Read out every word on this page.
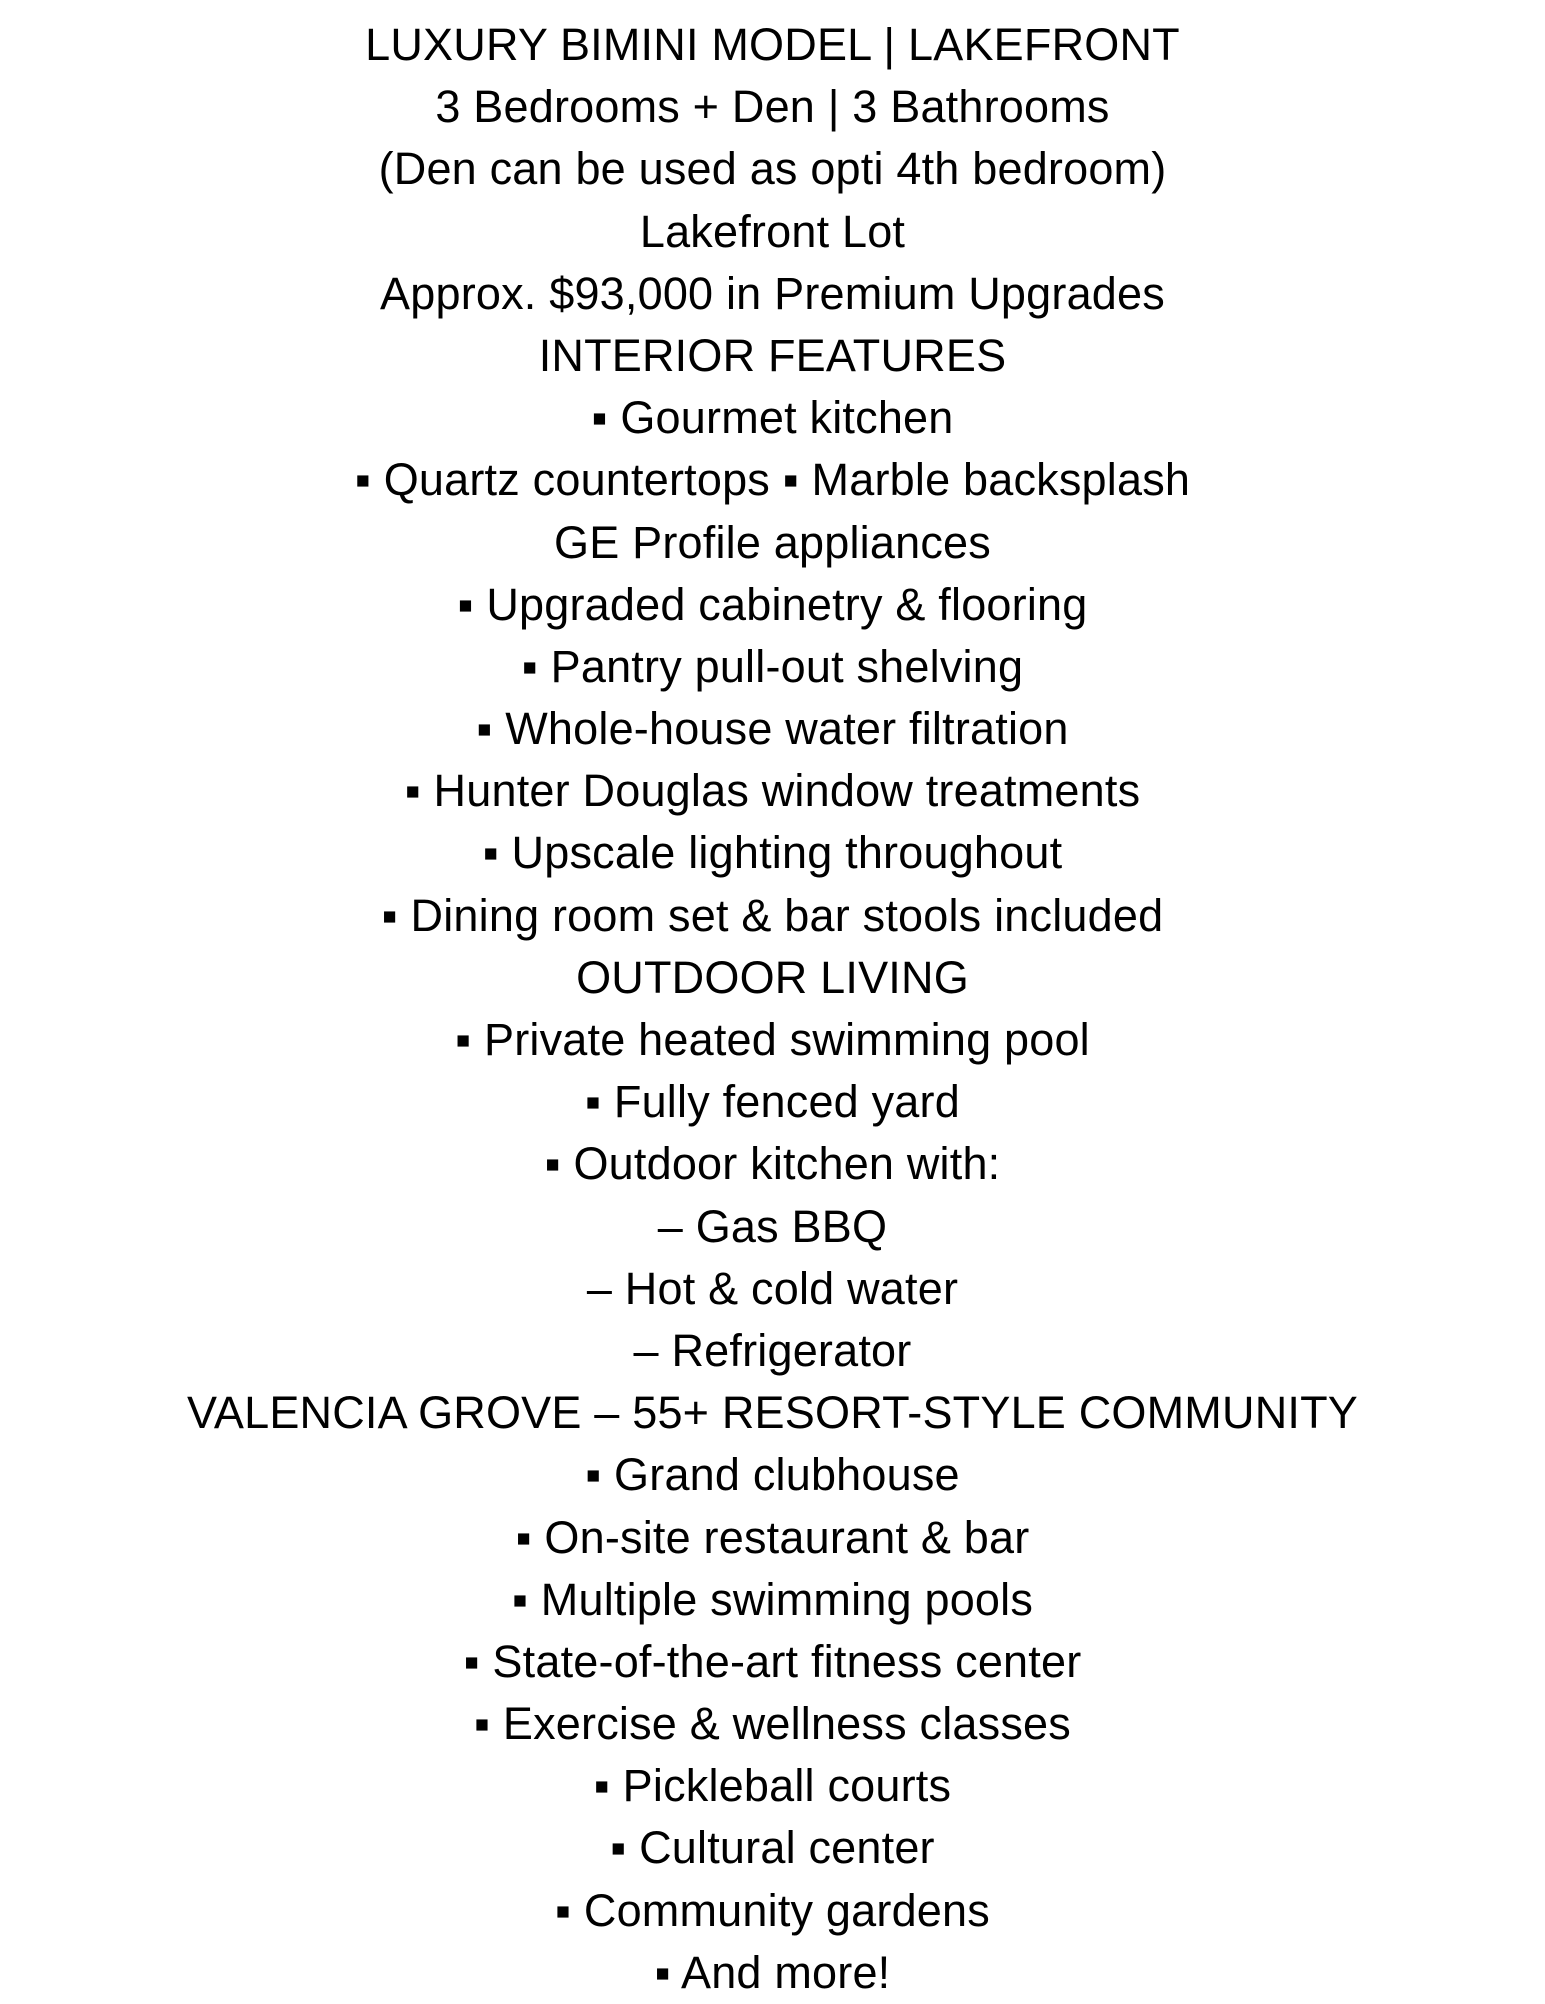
LUXURY BIMINI MODEL | LAKEFRONT
3 Bedrooms + Den | 3 Bathrooms
(Den can be used as opti 4th bedroom)
Lakefront Lot
Approx. $93,000 in Premium Upgrades
INTERIOR FEATURES
▪ Gourmet kitchen
▪ Quartz countertops ▪ Marble backsplash
GE Profile appliances
▪ Upgraded cabinetry & flooring
▪ Pantry pull-out shelving
▪ Whole-house water filtration
▪ Hunter Douglas window treatments
▪ Upscale lighting throughout
▪ Dining room set & bar stools included
OUTDOOR LIVING
▪ Private heated swimming pool
▪ Fully fenced yard
▪ Outdoor kitchen with:
– Gas BBQ
– Hot & cold water
– Refrigerator
VALENCIA GROVE – 55+ RESORT-STYLE COMMUNITY
▪ Grand clubhouse
▪ On-site restaurant & bar
▪ Multiple swimming pools
▪ State-of-the-art fitness center
▪ Exercise & wellness classes
▪ Pickleball courts
▪ Cultural center
▪ Community gardens
▪ And more!
